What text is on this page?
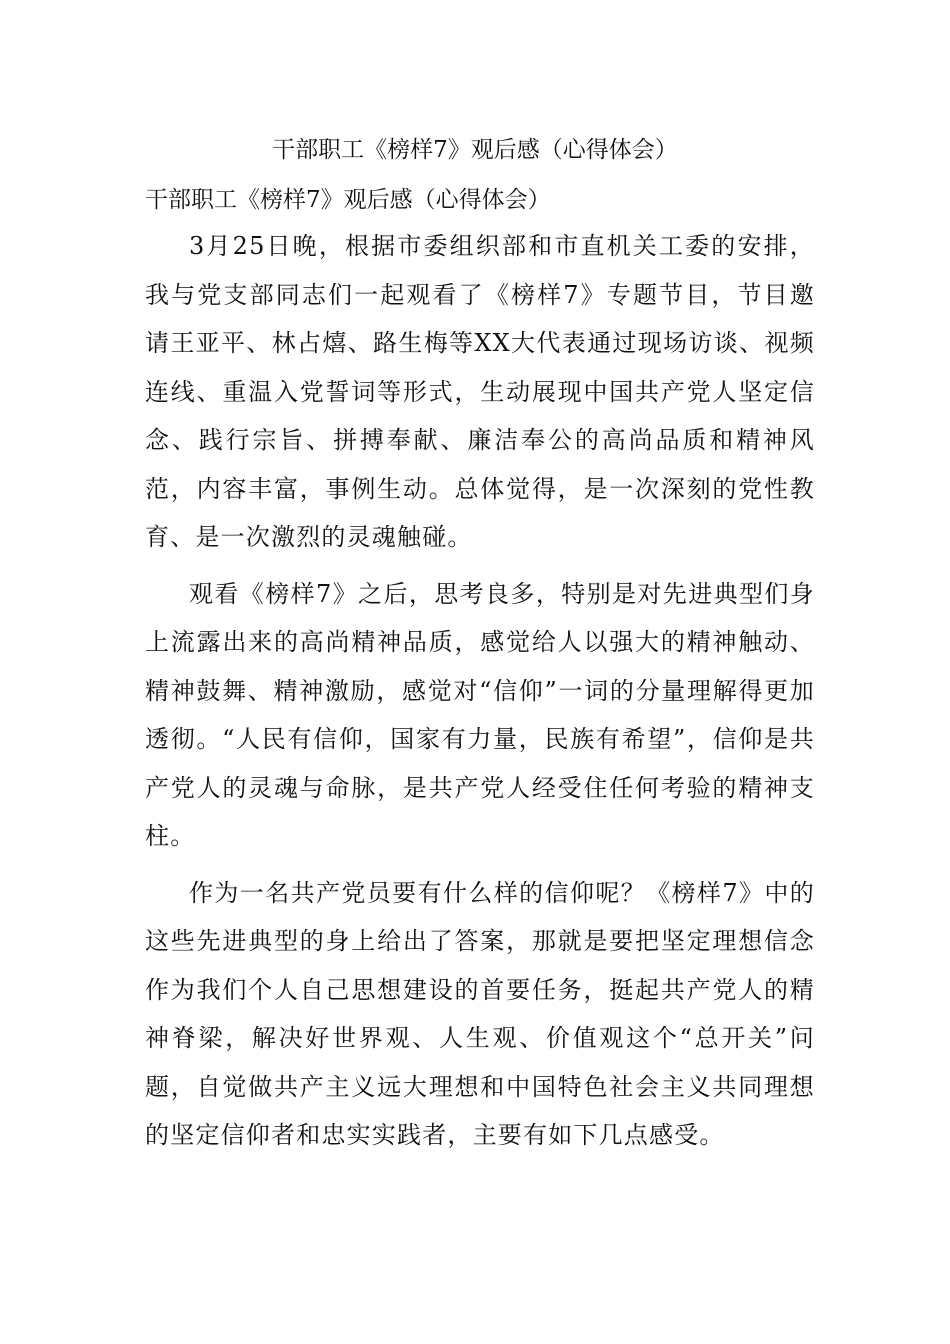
干部职工《榜样7》观后感（心得体会）
干部职工《榜样7》观后感（心得体会）

3月25日晚，根据市委组织部和市直机关工委的安排，我与党支部同志们一起观看了《榜样7》专题节目，节目邀请王亚平、林占熺、路生梅等XX大代表通过现场访谈、视频连线、重温入党誓词等形式，生动展现中国共产党人坚定信念、践行宗旨、拼搏奉献、廉洁奉公的高尚品质和精神风范，内容丰富，事例生动。总体觉得，是一次深刻的党性教育、是一次激烈的灵魂触碰。

观看《榜样7》之后，思考良多，特别是对先进典型们身上流露出来的高尚精神品质，感觉给人以强大的精神触动、精神鼓舞、精神激励，感觉对“信仰”一词的分量理解得更加透彻。“人民有信仰，国家有力量，民族有希望”，信仰是共产党人的灵魂与命脉，是共产党人经受住任何考验的精神支柱。

作为一名共产党员要有什么样的信仰呢？《榜样7》中的这些先进典型的身上给出了答案，那就是要把坚定理想信念作为我们个人自己思想建设的首要任务，挺起共产党人的精神脊梁，解决好世界观、人生观、价值观这个“总开关”问题，自觉做共产主义远大理想和中国特色社会主义共同理想的坚定信仰者和忠实实践者，主要有如下几点感受。
